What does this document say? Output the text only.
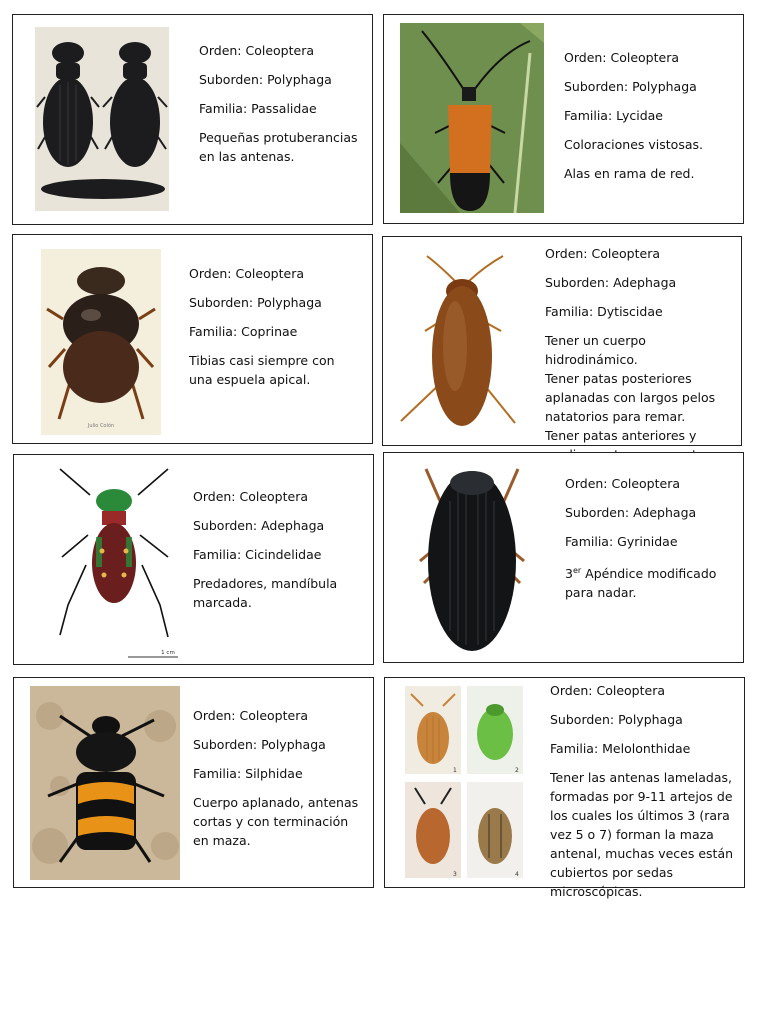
Orden: Coleoptera

Suborden: Polyphaga

Familia: Passalidae

Pequeñas protuberancias en las antenas.

Orden: Coleoptera

Suborden: Polyphaga

Familia: Lycidae

Coloraciones vistosas.

Alas en rama de red.

Julio Colón

Orden: Coleoptera

Suborden: Polyphaga

Familia: Coprinae

Tibias casi siempre con una espuela apical.

Orden: Coleoptera

Suborden: Adephaga

Familia: Dytiscidae

Tener un cuerpo hidrodinámico.
Tener patas posteriores aplanadas con largos pelos natatorios para remar.
Tener patas anteriores y
1 cm

Orden: Coleoptera

Suborden: Adephaga

Familia: Cicindelidae

Predadores, mandíbula marcada.

Orden: Coleoptera

Suborden: Adephaga

Familia: Gyrinidae

3er Apéndice modificado para nadar.

Orden: Coleoptera

Suborden: Polyphaga

Familia: Silphidae

Cuerpo aplanado, antenas cortas y con terminación en maza.

1	2
3	4

Orden: Coleoptera

Suborden: Polyphaga

Familia: Melolonthidae

Tener las antenas lameladas, formadas por 9-11 artejos de los cuales los últimos 3 (rara vez 5 o 7) forman la maza antenal, muchas veces están cubiertos por sedas microscópicas.
